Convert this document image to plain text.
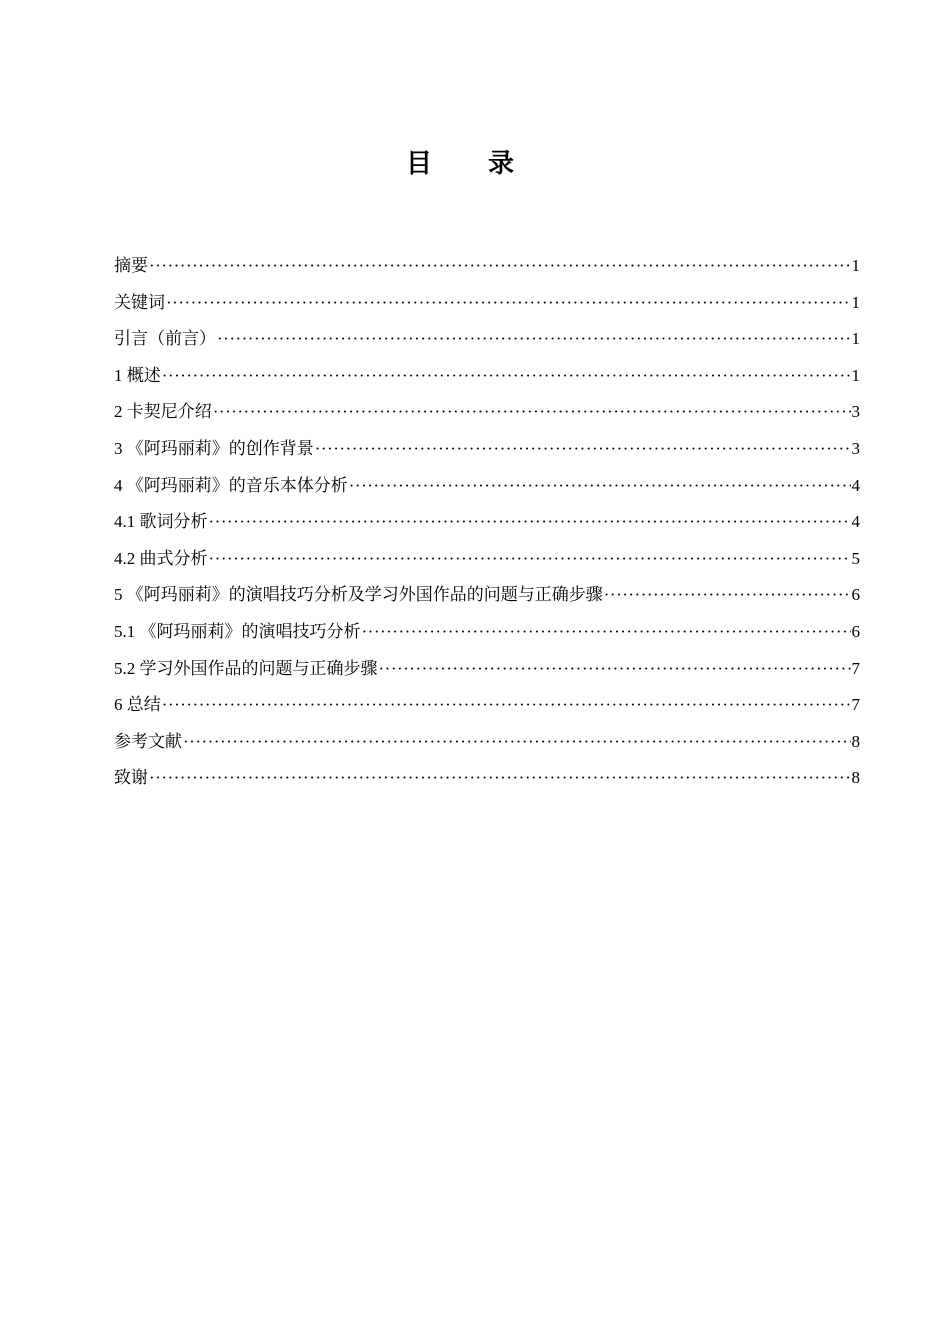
目录
摘要 ·····	1
关键词 ·····	1
引言（前言） ·····	1
1 概述 ·····	1
2 卡契尼介绍 ·····	3
3 《阿玛丽莉》的创作背景 ·····	3
4 《阿玛丽莉》的音乐本体分析 ·····	4
4.1 歌词分析 ·····	4
4.2 曲式分析 ·····	5
5 《阿玛丽莉》的演唱技巧分析及学习外国作品的问题与正确步骤 ·····	6
5.1 《阿玛丽莉》的演唱技巧分析 ·····	6
5.2 学习外国作品的问题与正确步骤 ·····	7
6 总结 ·····	7
参考文献 ·····	8
致谢 ·····	8
